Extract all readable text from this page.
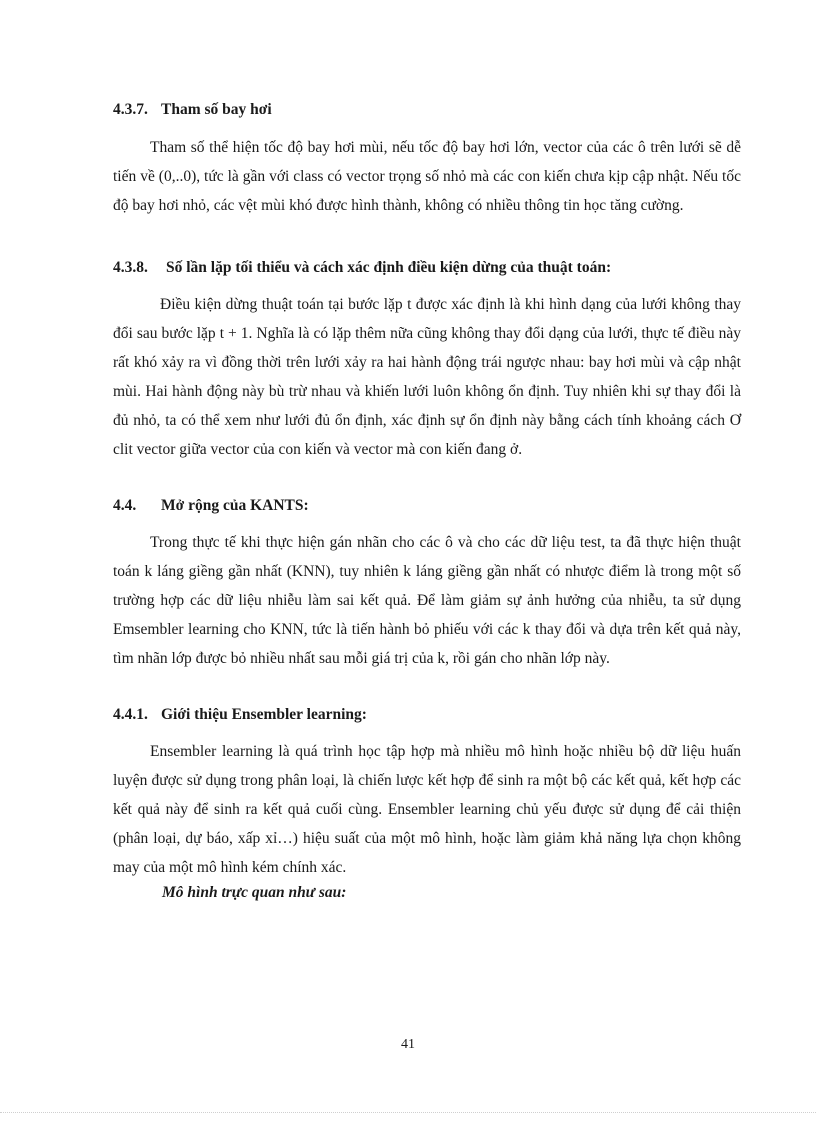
4.3.7. Tham số bay hơi
Tham số thể hiện tốc độ bay hơi mùi, nếu tốc độ bay hơi lớn, vector của các ô trên lưới sẽ dễ tiến về (0,..0), tức là gần với class có vector trọng số nhỏ mà các con kiến chưa kịp cập nhật. Nếu tốc độ bay hơi nhỏ, các vệt mùi khó được hình thành, không có nhiều thông tin học tăng cường.
4.3.8. Số lần lặp tối thiểu và cách xác định điều kiện dừng của thuật toán:
Điều kiện dừng thuật toán tại bước lặp t được xác định là khi hình dạng của lưới không thay đổi sau bước lặp t + 1. Nghĩa là có lặp thêm nữa cũng không thay đổi dạng của lưới, thực tế điều này rất khó xảy ra vì đồng thời trên lưới xảy ra hai hành động trái ngược nhau: bay hơi mùi và cập nhật mùi. Hai hành động này bù trừ nhau và khiến lưới luôn không ổn định. Tuy nhiên khi sự thay đổi là đủ nhỏ, ta có thể xem như lưới đủ ổn định, xác định sự ổn định này bằng cách tính khoảng cách Ơ clit vector giữa vector của con kiến và vector mà con kiến đang ở.
4.4. Mở rộng của KANTS:
Trong thực tế khi thực hiện gán nhãn cho các ô và cho các dữ liệu test, ta đã thực hiện thuật toán k láng giềng gần nhất (KNN), tuy nhiên k láng giềng gần nhất có nhược điểm là trong một số trường hợp các dữ liệu nhiễu làm sai kết quả. Để làm giảm sự ảnh hưởng của nhiễu, ta sử dụng Emsembler learning cho KNN, tức là tiến hành bỏ phiếu với các k thay đổi và dựa trên kết quả này, tìm nhãn lớp được bỏ nhiều nhất sau mỗi giá trị của k, rồi gán cho nhãn lớp này.
4.4.1. Giới thiệu Ensembler learning:
Ensembler learning là quá trình học tập hợp mà nhiều mô hình hoặc nhiều bộ dữ liệu huấn luyện được sử dụng trong phân loại, là chiến lược kết hợp để sinh ra một bộ các kết quả, kết hợp các kết quả này để sinh ra kết quả cuối cùng. Ensembler learning chủ yếu được sử dụng để cải thiện (phân loại, dự báo, xấp xỉ…) hiệu suất của một mô hình, hoặc làm giảm khả năng lựa chọn không may của một mô hình kém chính xác.
Mô hình trực quan như sau:
41
